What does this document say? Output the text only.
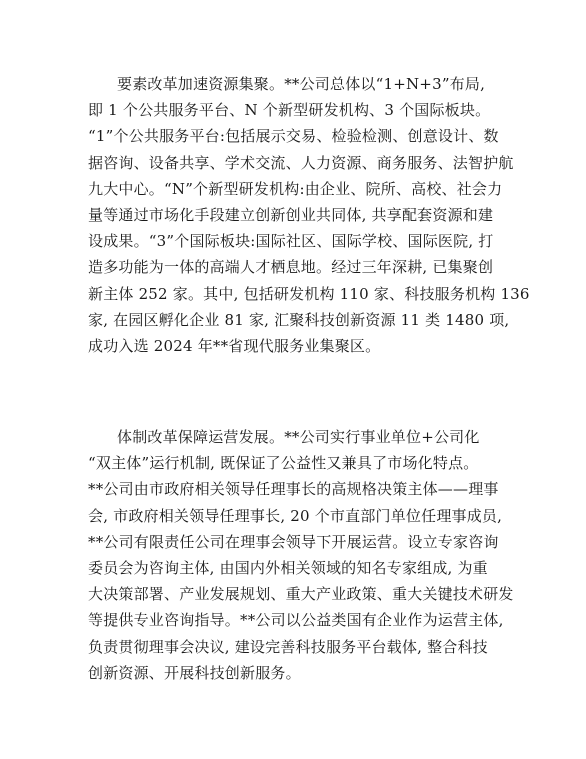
要素改革加速资源集聚。**公司总体以“1+N+3”布局,
即 1 个公共服务平台、N 个新型研发机构、3 个国际板块。
“1”个公共服务平台:包括展示交易、检验检测、创意设计、数
据咨询、设备共享、学术交流、人力资源、商务服务、法智护航
九大中心。“N”个新型研发机构:由企业、院所、高校、社会力
量等通过市场化手段建立创新创业共同体, 共享配套资源和建
设成果。“3”个国际板块:国际社区、国际学校、国际医院, 打
造多功能为一体的高端人才栖息地。经过三年深耕, 已集聚创
新主体 252 家。其中, 包括研发机构 110 家、科技服务机构 136
家, 在园区孵化企业 81 家, 汇聚科技创新资源 11 类 1480 项,
成功入选 2024 年**省现代服务业集聚区。
体制改革保障运营发展。**公司实行事业单位+公司化
“双主体”运行机制, 既保证了公益性又兼具了市场化特点。
**公司由市政府相关领导任理事长的高规格决策主体——理事
会, 市政府相关领导任理事长, 20 个市直部门单位任理事成员,
**公司有限责任公司在理事会领导下开展运营。设立专家咨询
委员会为咨询主体, 由国内外相关领域的知名专家组成, 为重
大决策部署、产业发展规划、重大产业政策、重大关键技术研发
等提供专业咨询指导。**公司以公益类国有企业作为运营主体,
负责贯彻理事会决议, 建设完善科技服务平台载体, 整合科技
创新资源、开展科技创新服务。
